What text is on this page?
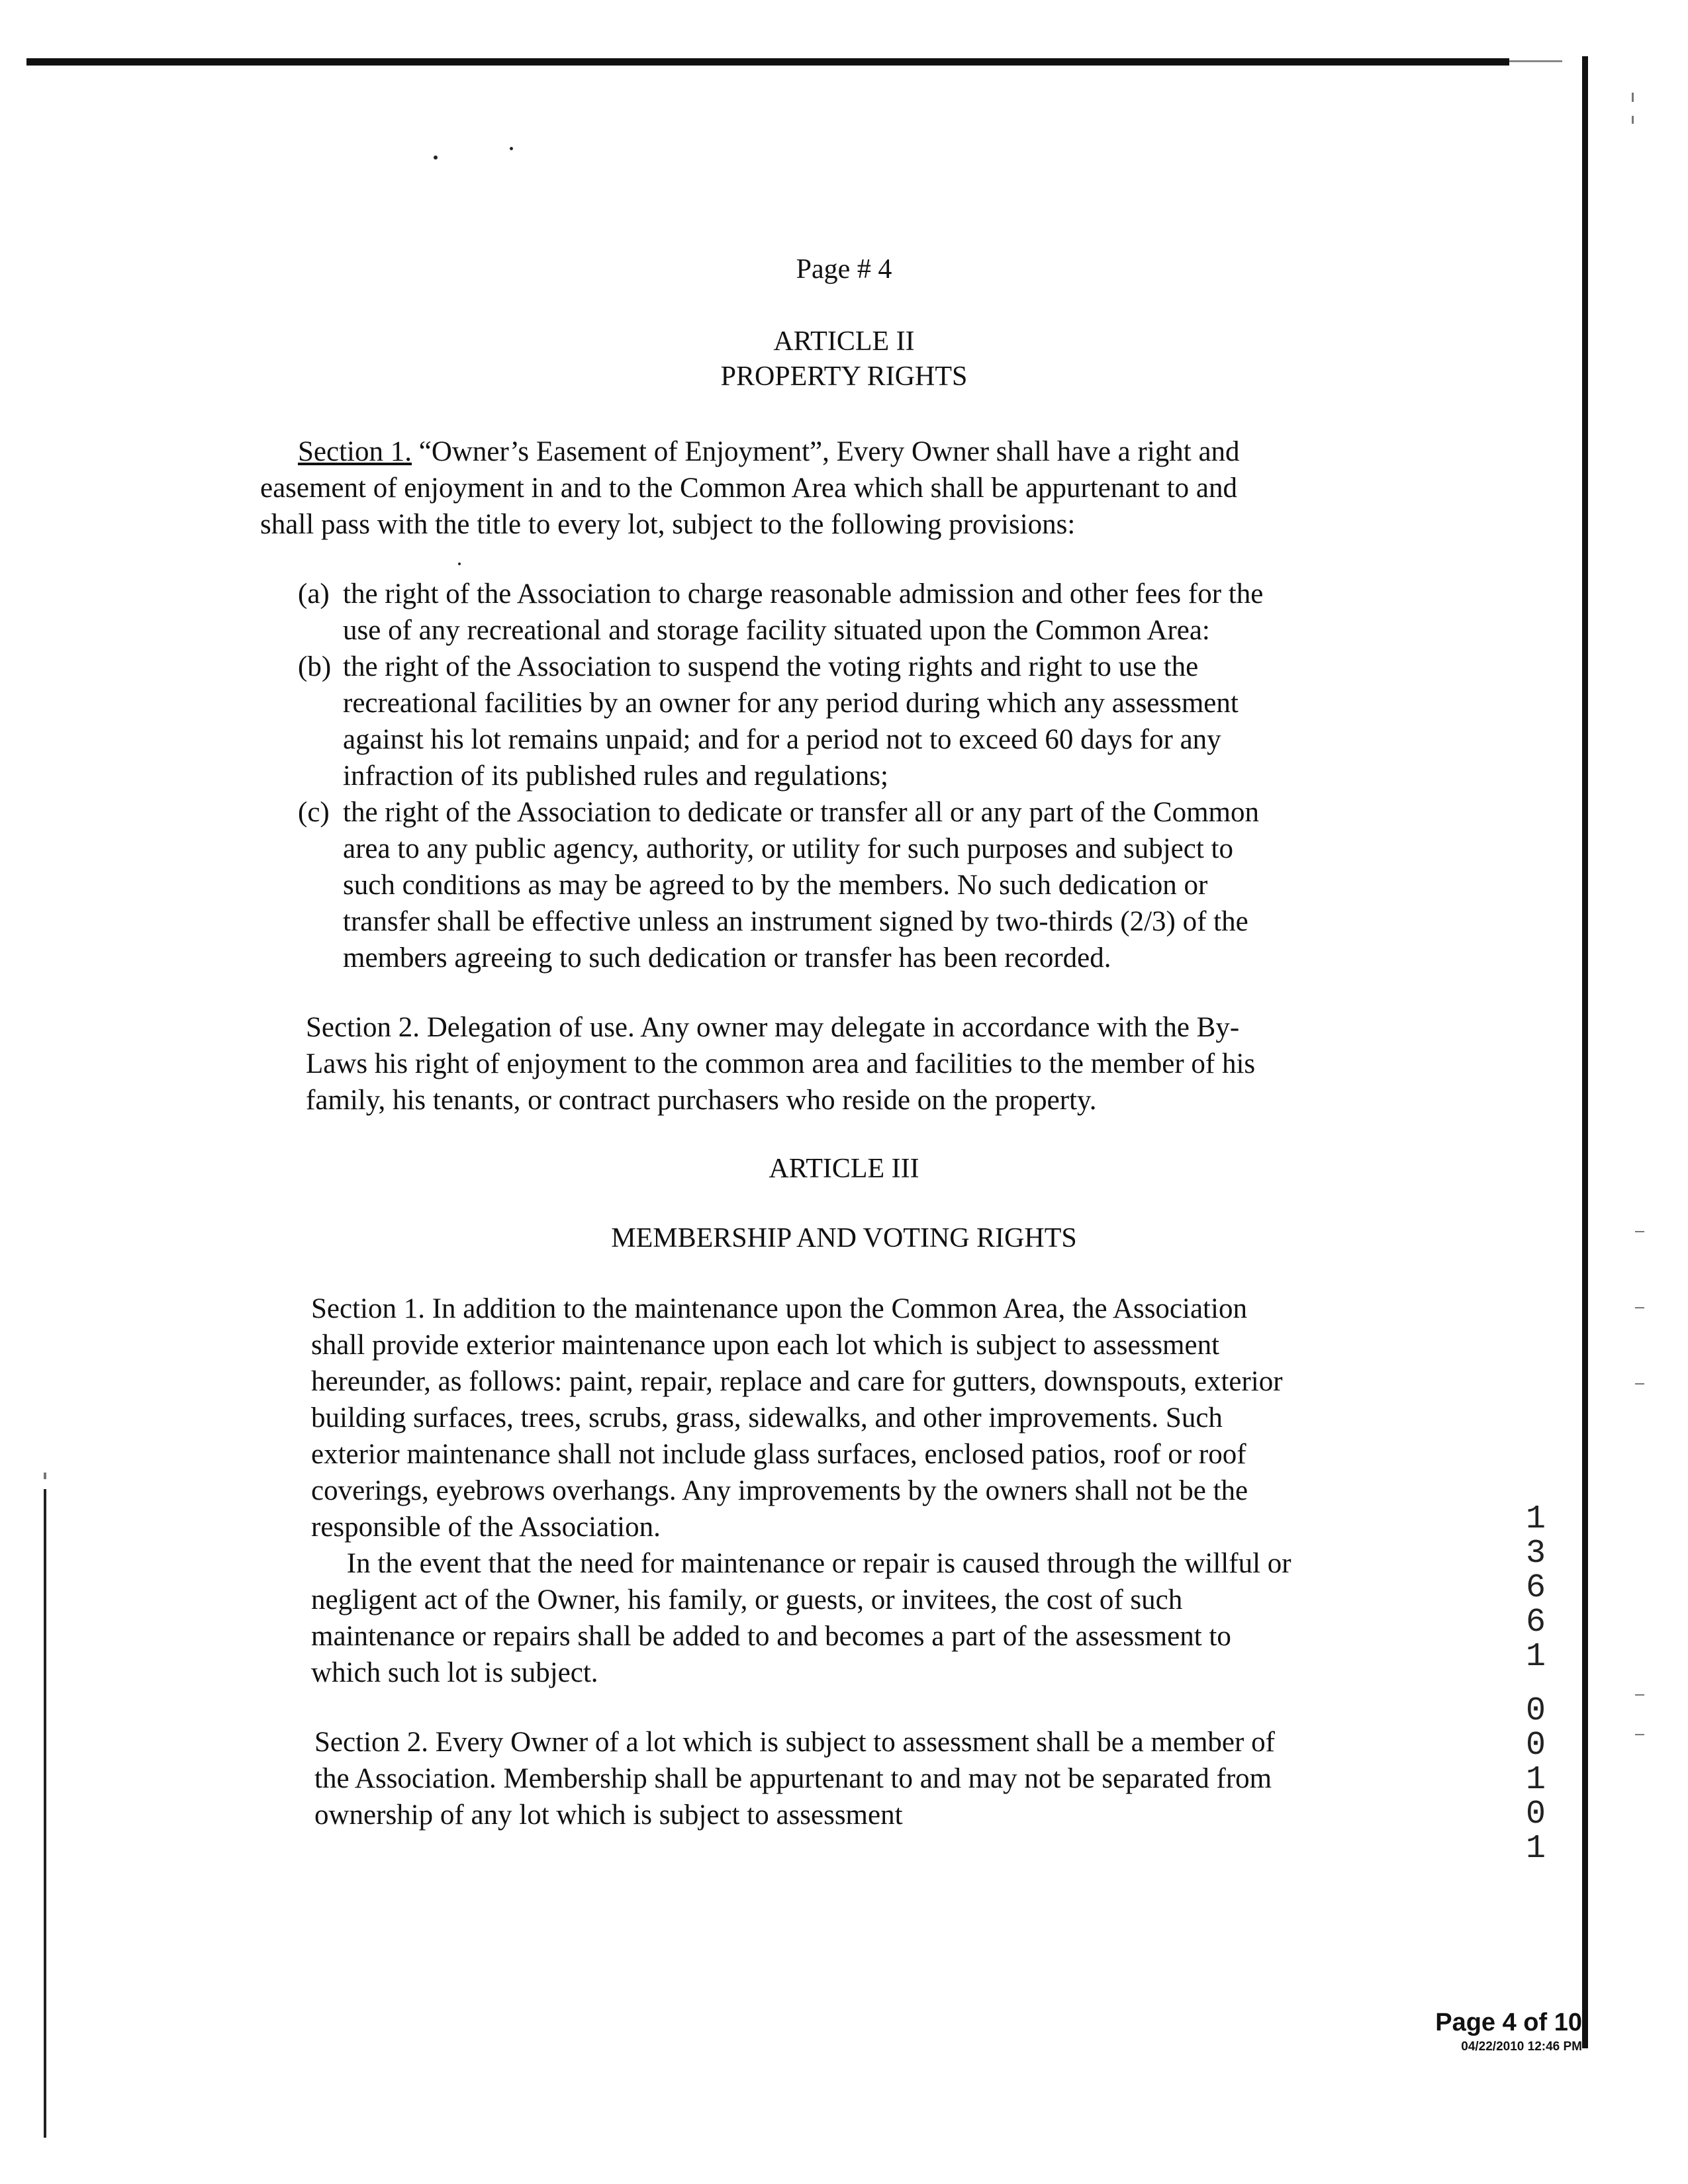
Page # 4
ARTICLE II
PROPERTY RIGHTS
Section 1. “Owner’s Easement of Enjoyment”, Every Owner shall have a right and
easement of enjoyment in and to the Common Area which shall be appurtenant to and
shall pass with the title to every lot, subject to the following provisions:
(a) the right of the Association to charge reasonable admission and other fees for the
use of any recreational and storage facility situated upon the Common Area:
(b) the right of the Association to suspend the voting rights and right to use the
recreational facilities by an owner for any period during which any assessment
against his lot remains unpaid; and for a period not to exceed 60 days for any
infraction of its published rules and regulations;
(c) the right of the Association to dedicate or transfer all or any part of the Common
area to any public agency, authority, or utility for such purposes and subject to
such conditions as may be agreed to by the members. No such dedication or
transfer shall be effective unless an instrument signed by two-thirds (2/3) of the
members agreeing to such dedication or transfer has been recorded.
Section 2. Delegation of use. Any owner may delegate in accordance with the By-
Laws his right of enjoyment to the common area and facilities to the member of his
family, his tenants, or contract purchasers who reside on the property.
ARTICLE III
MEMBERSHIP AND VOTING RIGHTS
Section 1. In addition to the maintenance upon the Common Area, the Association
shall provide exterior maintenance upon each lot which is subject to assessment
hereunder, as follows: paint, repair, replace and care for gutters, downspouts, exterior
building surfaces, trees, scrubs, grass, sidewalks, and other improvements. Such
exterior maintenance shall not include glass surfaces, enclosed patios, roof or roof
coverings, eyebrows overhangs. Any improvements by the owners shall not be the
responsible of the Association.
In the event that the need for maintenance or repair is caused through the willful or
negligent act of the Owner, his family, or guests, or invitees, the cost of such
maintenance or repairs shall be added to and becomes a part of the assessment to
which such lot is subject.
Section 2. Every Owner of a lot which is subject to assessment shall be a member of
the Association. Membership shall be appurtenant to and may not be separated from
ownership of any lot which is subject to assessment
1
3
6
6
1
0
0
1
0
1
Page 4 of 10
04/22/2010 12:46 PM
